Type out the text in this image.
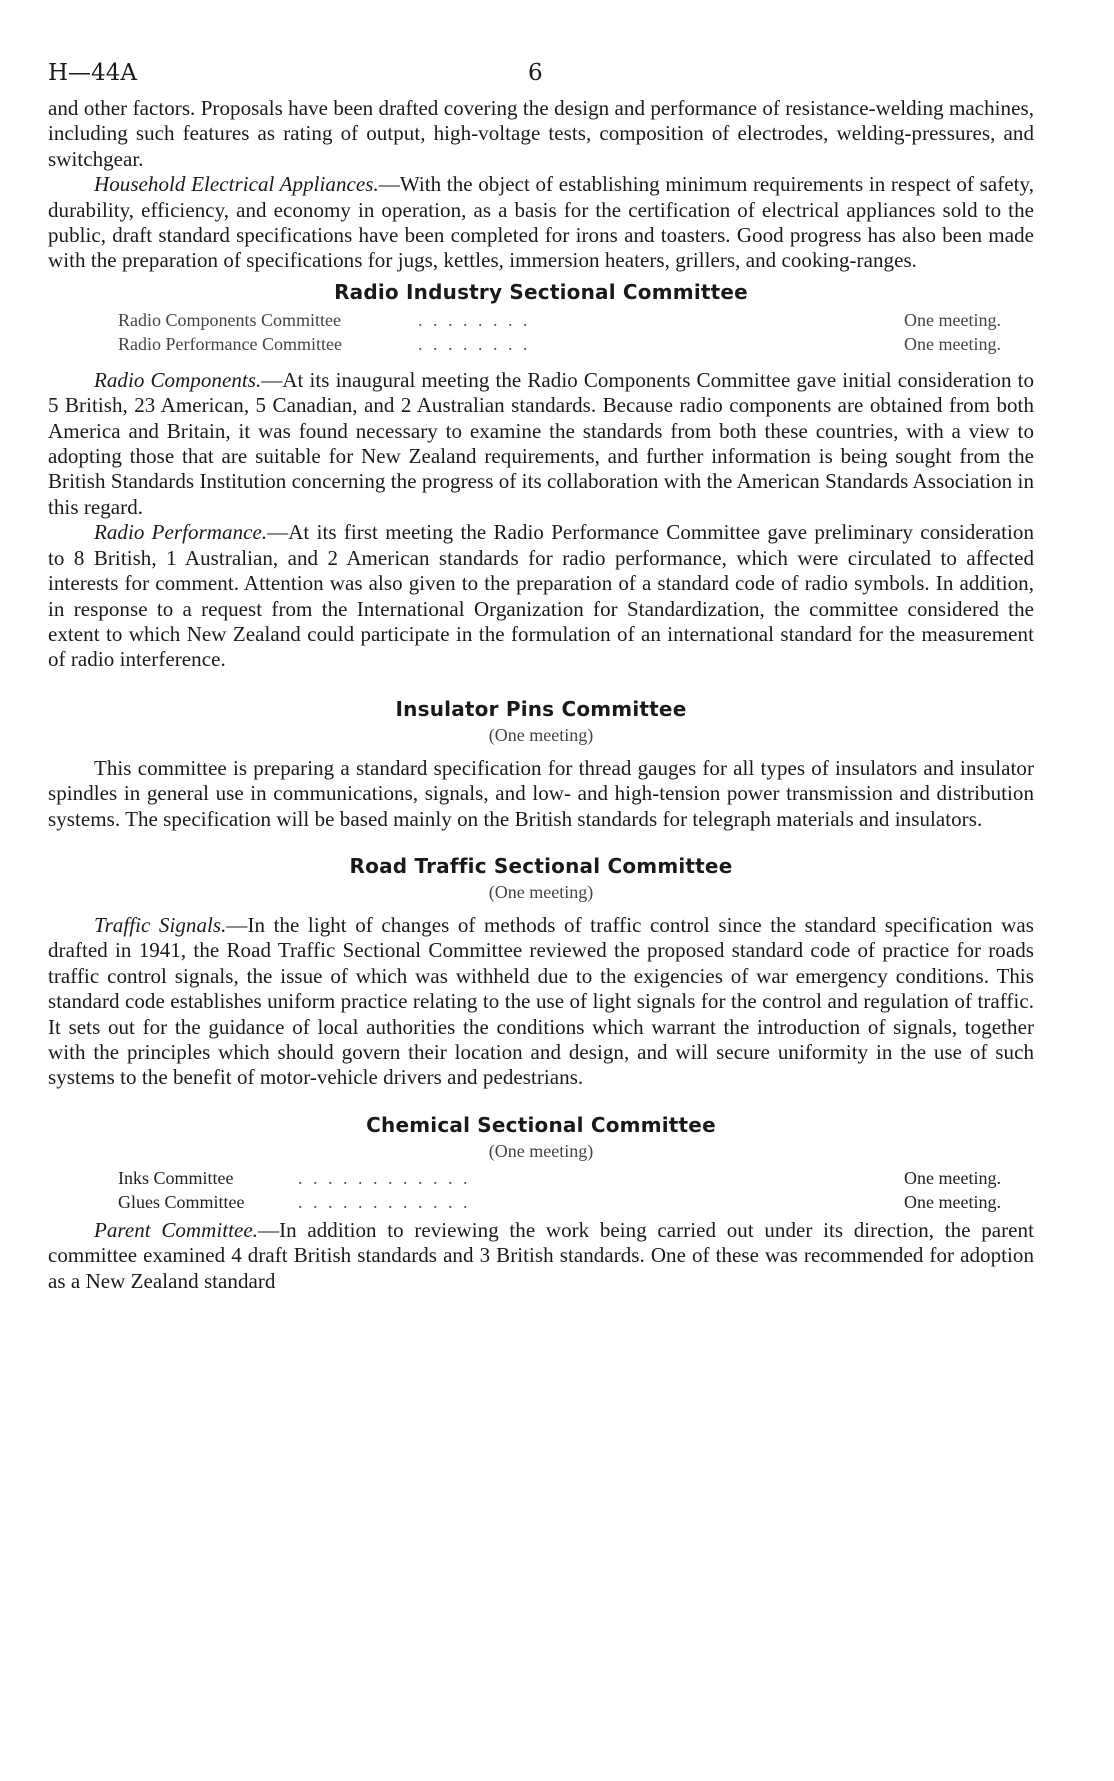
H—44A	6

and other factors. Proposals have been drafted covering the design and performance of resistance-welding machines, including such features as rating of output, high-voltage tests, composition of electrodes, welding-pressures, and switchgear.

Household Electrical Appliances.—With the object of establishing minimum requirements in respect of safety, durability, efficiency, and economy in operation, as a basis for the certification of electrical appliances sold to the public, draft standard specifications have been completed for irons and toasters. Good progress has also been made with the preparation of specifications for jugs, kettles, immersion heaters, grillers, and cooking-ranges.

Radio Industry Sectional Committee
Radio Components Committee	. . . . . . . .	One meeting.
Radio Performance Committee	. . . . . . . .	One meeting.

Radio Components.—At its inaugural meeting the Radio Components Committee gave initial consideration to 5 British, 23 American, 5 Canadian, and 2 Australian standards. Because radio components are obtained from both America and Britain, it was found necessary to examine the standards from both these countries, with a view to adopting those that are suitable for New Zealand requirements, and further information is being sought from the British Standards Institution concerning the progress of its collaboration with the American Standards Association in this regard.

Radio Performance.—At its first meeting the Radio Performance Committee gave preliminary consideration to 8 British, 1 Australian, and 2 American standards for radio performance, which were circulated to affected interests for comment. Attention was also given to the preparation of a standard code of radio symbols. In addition, in response to a request from the International Organization for Standardization, the committee considered the extent to which New Zealand could participate in the formulation of an international standard for the measurement of radio interference.

Insulator Pins Committee
(One meeting)

This committee is preparing a standard specification for thread gauges for all types of insulators and insulator spindles in general use in communications, signals, and low- and high-tension power transmission and distribution systems. The specification will be based mainly on the British standards for telegraph materials and insulators.

Road Traffic Sectional Committee
(One meeting)

Traffic Signals.—In the light of changes of methods of traffic control since the standard specification was drafted in 1941, the Road Traffic Sectional Committee reviewed the proposed standard code of practice for roads traffic control signals, the issue of which was withheld due to the exigencies of war emergency conditions. This standard code establishes uniform practice relating to the use of light signals for the control and regulation of traffic. It sets out for the guidance of local authorities the conditions which warrant the introduction of signals, together with the principles which should govern their location and design, and will secure uniformity in the use of such systems to the benefit of motor-vehicle drivers and pedestrians.

Chemical Sectional Committee
(One meeting)
Inks Committee	. . . . . . . . . . . .	One meeting.
Glues Committee	. . . . . . . . . . . .	One meeting.

Parent Committee.—In addition to reviewing the work being carried out under its direction, the parent committee examined 4 draft British standards and 3 British standards. One of these was recommended for adoption as a New Zealand standard
